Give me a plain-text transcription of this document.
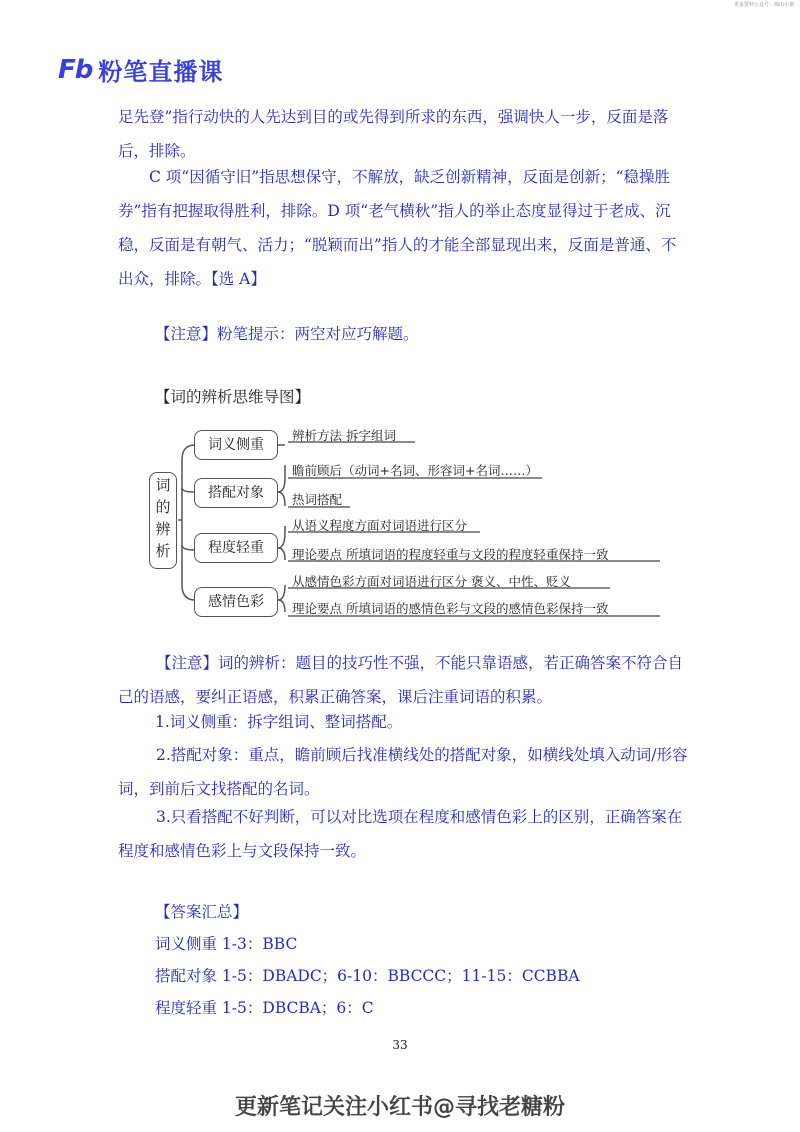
更多资料公众号：锦山小猪
Fb 粉笔直播课
足先登”指行动快的人先达到目的或先得到所求的东西，强调快人一步，反面是落后，排除。
C 项“因循守旧”指思想保守，不解放，缺乏创新精神，反面是创新；“稳操胜券”指有把握取得胜利，排除。D 项“老气横秋”指人的举止态度显得过于老成、沉稳，反面是有朝气、活力；“脱颖而出”指人的才能全部显现出来，反面是普通、不出众，排除。【选 A】
【注意】粉笔提示：两空对应巧解题。
【词的辨析思维导图】
词
的
辨
析
词义侧重
搭配对象
程度轻重
感情色彩
辨析方法 拆字组词
瞻前顾后（动词+名词、形容词+名词……）
热词搭配
从语义程度方面对词语进行区分
理论要点 所填词语的程度轻重与文段的程度轻重保持一致
从感情色彩方面对词语进行区分 褒义、中性、贬义
理论要点 所填词语的感情色彩与文段的感情色彩保持一致
【注意】词的辨析：题目的技巧性不强，不能只靠语感，若正确答案不符合自己的语感，要纠正语感，积累正确答案，课后注重词语的积累。
1.词义侧重：拆字组词、整词搭配。
2.搭配对象：重点，瞻前顾后找准横线处的搭配对象，如横线处填入动词/形容词，到前后文找搭配的名词。
3.只看搭配不好判断，可以对比选项在程度和感情色彩上的区别，正确答案在程度和感情色彩上与文段保持一致。
【答案汇总】
词义侧重 1-3：BBC
搭配对象 1-5：DBADC；6-10：BBCCC；11-15：CCBBA
程度轻重 1-5：DBCBA；6：C
33
更新笔记关注小红书@寻找老糖粉
